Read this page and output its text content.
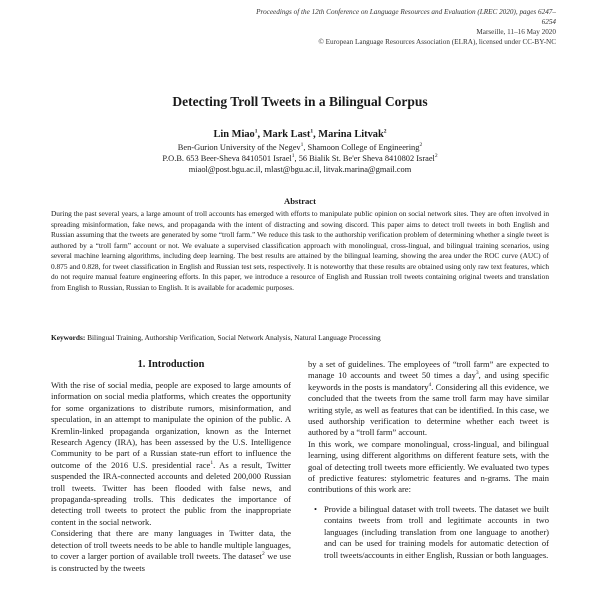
Proceedings of the 12th Conference on Language Resources and Evaluation (LREC 2020), pages 6247–6254
Marseille, 11–16 May 2020
© European Language Resources Association (ELRA), licensed under CC-BY-NC
Detecting Troll Tweets in a Bilingual Corpus
Lin Miao$^1$, Mark Last$^1$, Marina Litvak$^2$
Ben-Gurion University of the Negev$^1$, Shamoon College of Engineering$^2$
P.O.B. 653 Beer-Sheva 8410501 Israel$^1$, 56 Bialik St. Be'er Sheva 8410802 Israel$^2$
miaol@post.bgu.ac.il, mlast@bgu.ac.il, litvak.marina@gmail.com
Abstract

During the past several years, a large amount of troll accounts has emerged with efforts to manipulate public opinion on social network sites. They are often involved in spreading misinformation, fake news, and propaganda with the intent of distracting and sowing discord. This paper aims to detect troll tweets in both English and Russian assuming that the tweets are generated by some “troll farm.” We reduce this task to the authorship verification problem of determining whether a single tweet is authored by a “troll farm” account or not. We evaluate a supervised classification approach with monolingual, cross-lingual, and bilingual training scenarios, using several machine learning algorithms, including deep learning. The best results are attained by the bilingual learning, showing the area under the ROC curve (AUC) of 0.875 and 0.828, for tweet classification in English and Russian test sets, respectively. It is noteworthy that these results are obtained using only raw text features, which do not require manual feature engineering efforts. In this paper, we introduce a resource of English and Russian troll tweets containing original tweets and translation from English to Russian, Russian to English. It is available for academic purposes.

Keywords: Bilingual Training, Authorship Verification, Social Network Analysis, Natural Language Processing

1. Introduction

With the rise of social media, people are exposed to large amounts of information on social media platforms, which creates the opportunity for some organizations to distribute rumors, misinformation, and speculation, in an attempt to manipulate the opinion of the public. A Kremlin-linked propaganda organization, known as the Internet Research Agency (IRA), has been assessed by the U.S. Intelligence Community to be part of a Russian state-run effort to influence the outcome of the 2016 U.S. presidential race$^1$. As a result, Twitter suspended the IRA-connected accounts and deleted 200,000 Russian troll tweets. Twitter has been flooded with false news, and propaganda-spreading trolls. This dedicates the importance of detecting troll tweets to protect the public from the inappropriate content in the social network.

Considering that there are many languages in Twitter data, the detection of troll tweets needs to be able to handle multiple languages, to cover a larger portion of available troll tweets. The dataset$^2$ we use is constructed by the tweets

by a set of guidelines. The employees of “troll farm” are expected to manage 10 accounts and tweet 50 times a day$^3$, and using specific keywords in the posts is mandatory$^4$. Considering all this evidence, we concluded that the tweets from the same troll farm may have similar writing style, as well as features that can be identified. In this case, we used authorship verification to determine whether each tweet is authored by a “troll farm” account.

In this work, we compare monolingual, cross-lingual, and bilingual learning, using different algorithms on different feature sets, with the goal of detecting troll tweets more efficiently. We evaluated two types of predictive features: stylometric features and n-grams. The main contributions of this work are:

• Provide a bilingual dataset with troll tweets. The dataset we built contains tweets from troll and legitimate accounts in two languages (including translation from one language to another) and can be used for training models for automatic detection of troll tweets/accounts in either English, Russian or both languages.
